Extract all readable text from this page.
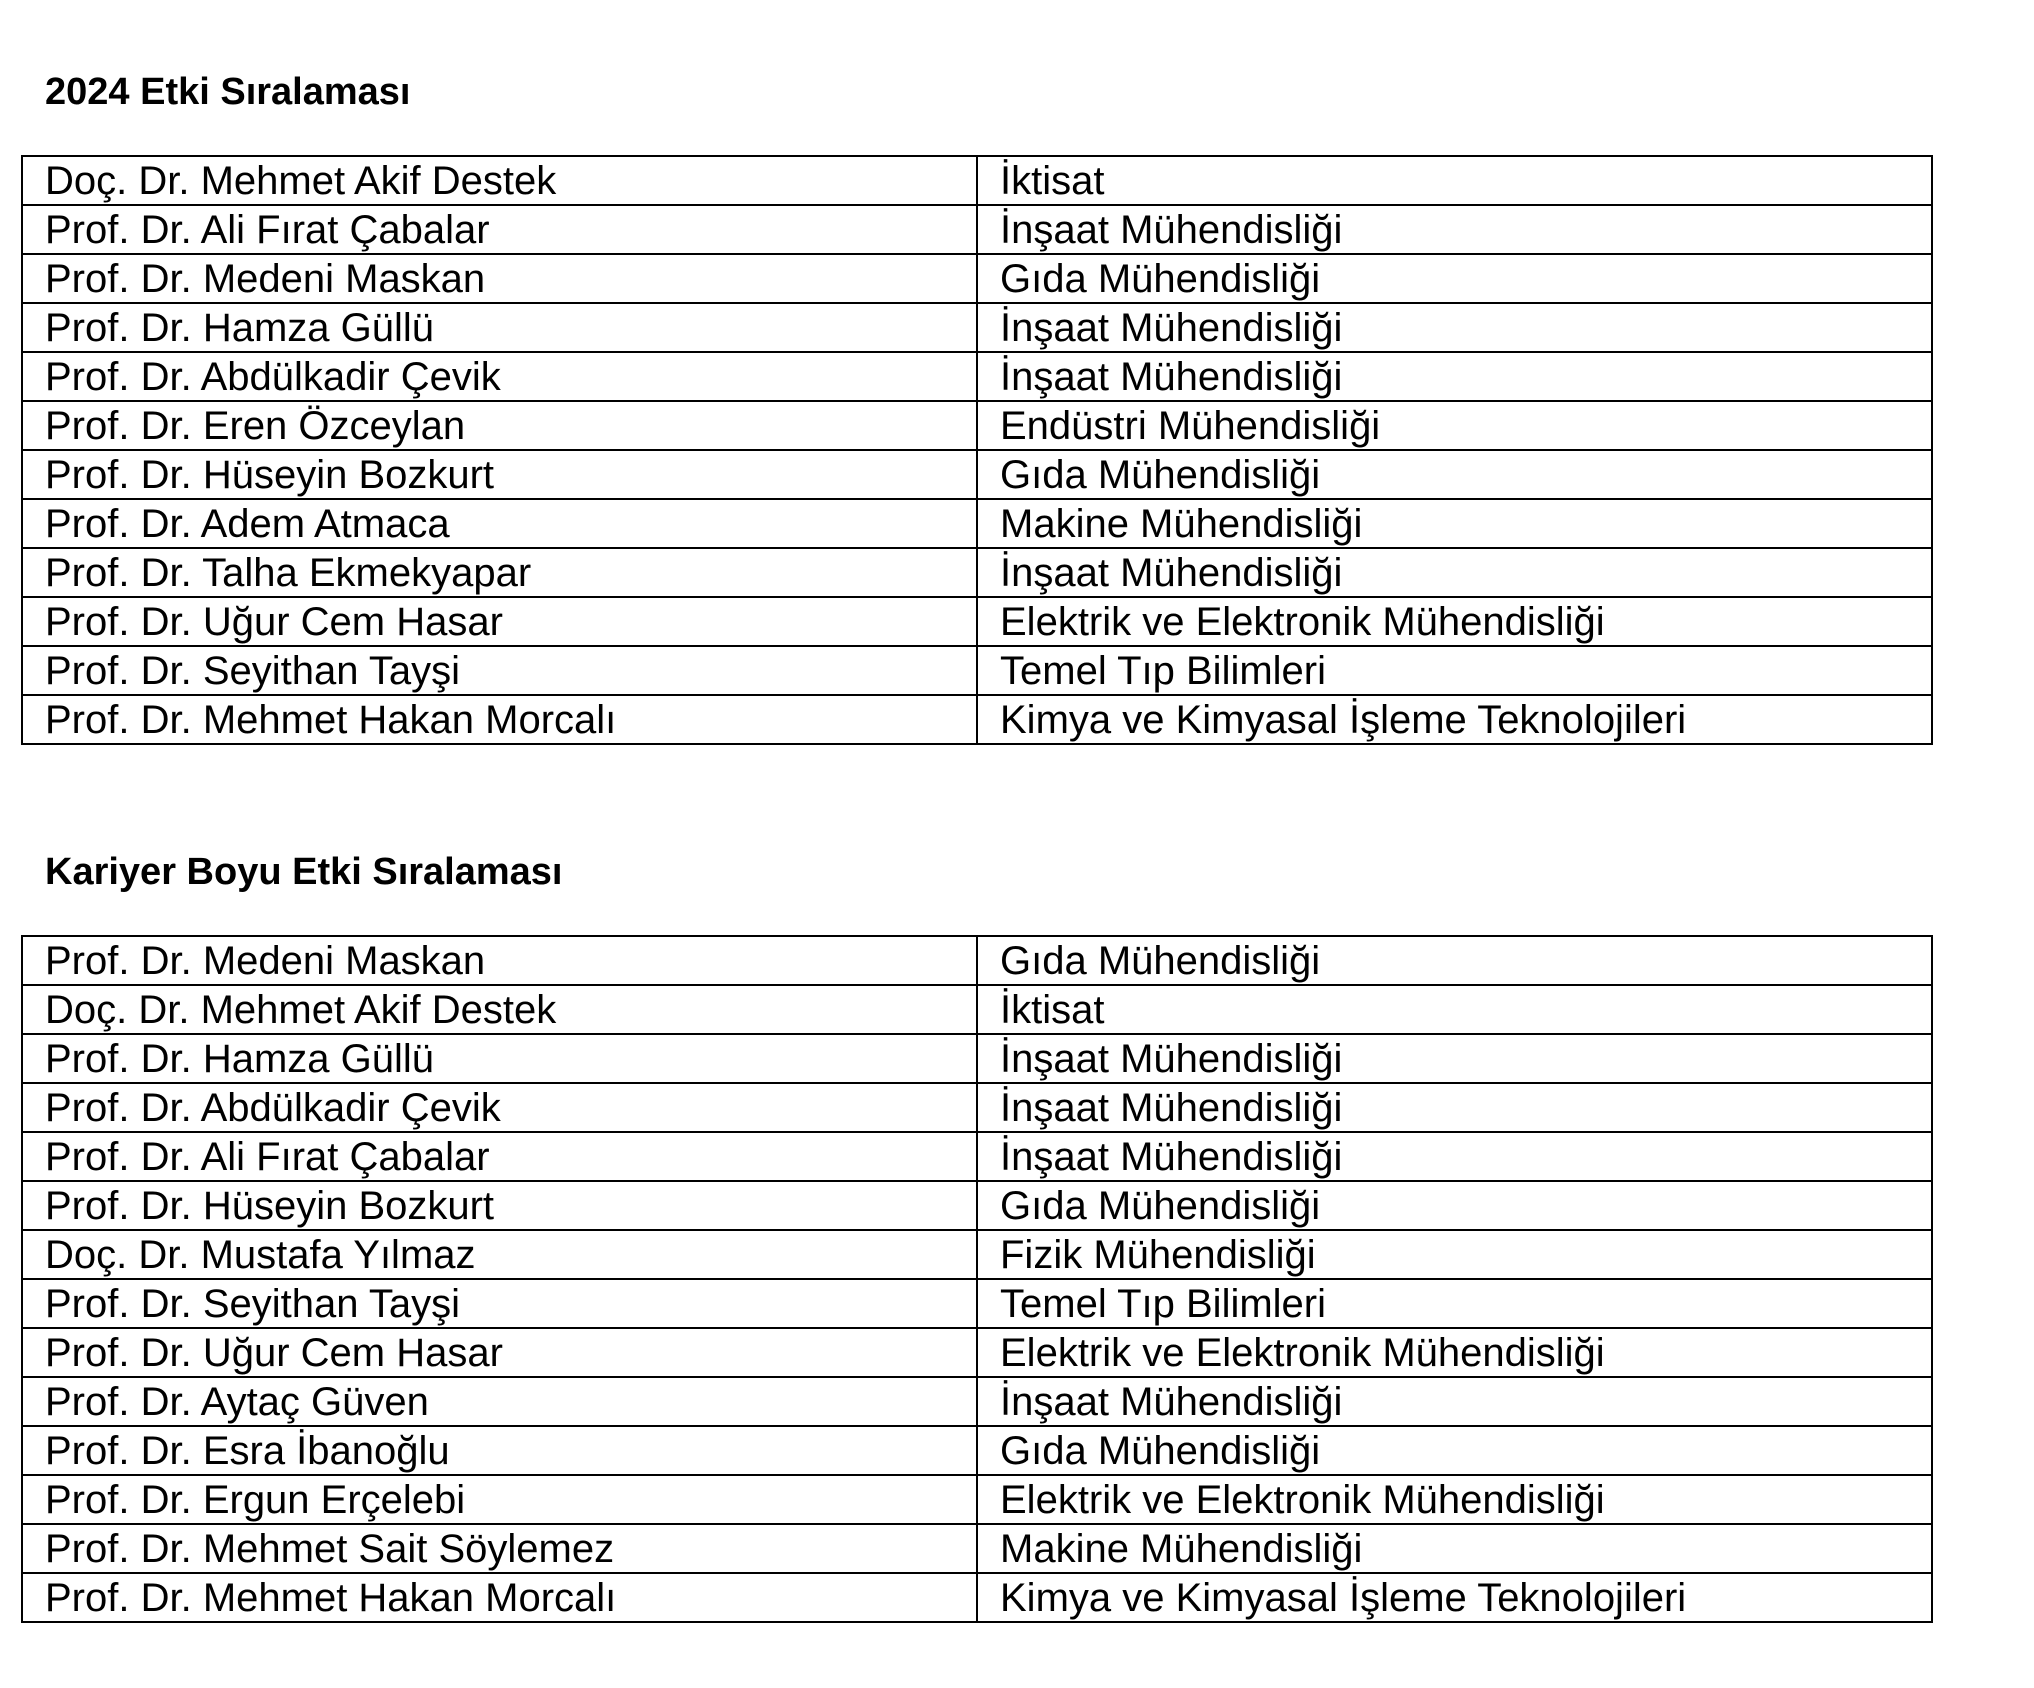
2024 Etki Sıralaması
Doç. Dr. Mehmet Akif Destek	İktisat
Prof. Dr. Ali Fırat Çabalar	İnşaat Mühendisliği
Prof. Dr. Medeni Maskan	Gıda Mühendisliği
Prof. Dr. Hamza Güllü	İnşaat Mühendisliği
Prof. Dr. Abdülkadir Çevik	İnşaat Mühendisliği
Prof. Dr. Eren Özceylan	Endüstri Mühendisliği
Prof. Dr. Hüseyin Bozkurt	Gıda Mühendisliği
Prof. Dr. Adem Atmaca	Makine Mühendisliği
Prof. Dr. Talha Ekmekyapar	İnşaat Mühendisliği
Prof. Dr. Uğur Cem Hasar	Elektrik ve Elektronik Mühendisliği
Prof. Dr. Seyithan Tayşi	Temel Tıp Bilimleri
Prof. Dr. Mehmet Hakan Morcalı	Kimya ve Kimyasal İşleme Teknolojileri
Kariyer Boyu Etki Sıralaması
Prof. Dr. Medeni Maskan	Gıda Mühendisliği
Doç. Dr. Mehmet Akif Destek	İktisat
Prof. Dr. Hamza Güllü	İnşaat Mühendisliği
Prof. Dr. Abdülkadir Çevik	İnşaat Mühendisliği
Prof. Dr. Ali Fırat Çabalar	İnşaat Mühendisliği
Prof. Dr. Hüseyin Bozkurt	Gıda Mühendisliği
Doç. Dr. Mustafa Yılmaz	Fizik Mühendisliği
Prof. Dr. Seyithan Tayşi	Temel Tıp Bilimleri
Prof. Dr. Uğur Cem Hasar	Elektrik ve Elektronik Mühendisliği
Prof. Dr. Aytaç Güven	İnşaat Mühendisliği
Prof. Dr. Esra İbanoğlu	Gıda Mühendisliği
Prof. Dr. Ergun Erçelebi	Elektrik ve Elektronik Mühendisliği
Prof. Dr. Mehmet Sait Söylemez	Makine Mühendisliği
Prof. Dr. Mehmet Hakan Morcalı	Kimya ve Kimyasal İşleme Teknolojileri
